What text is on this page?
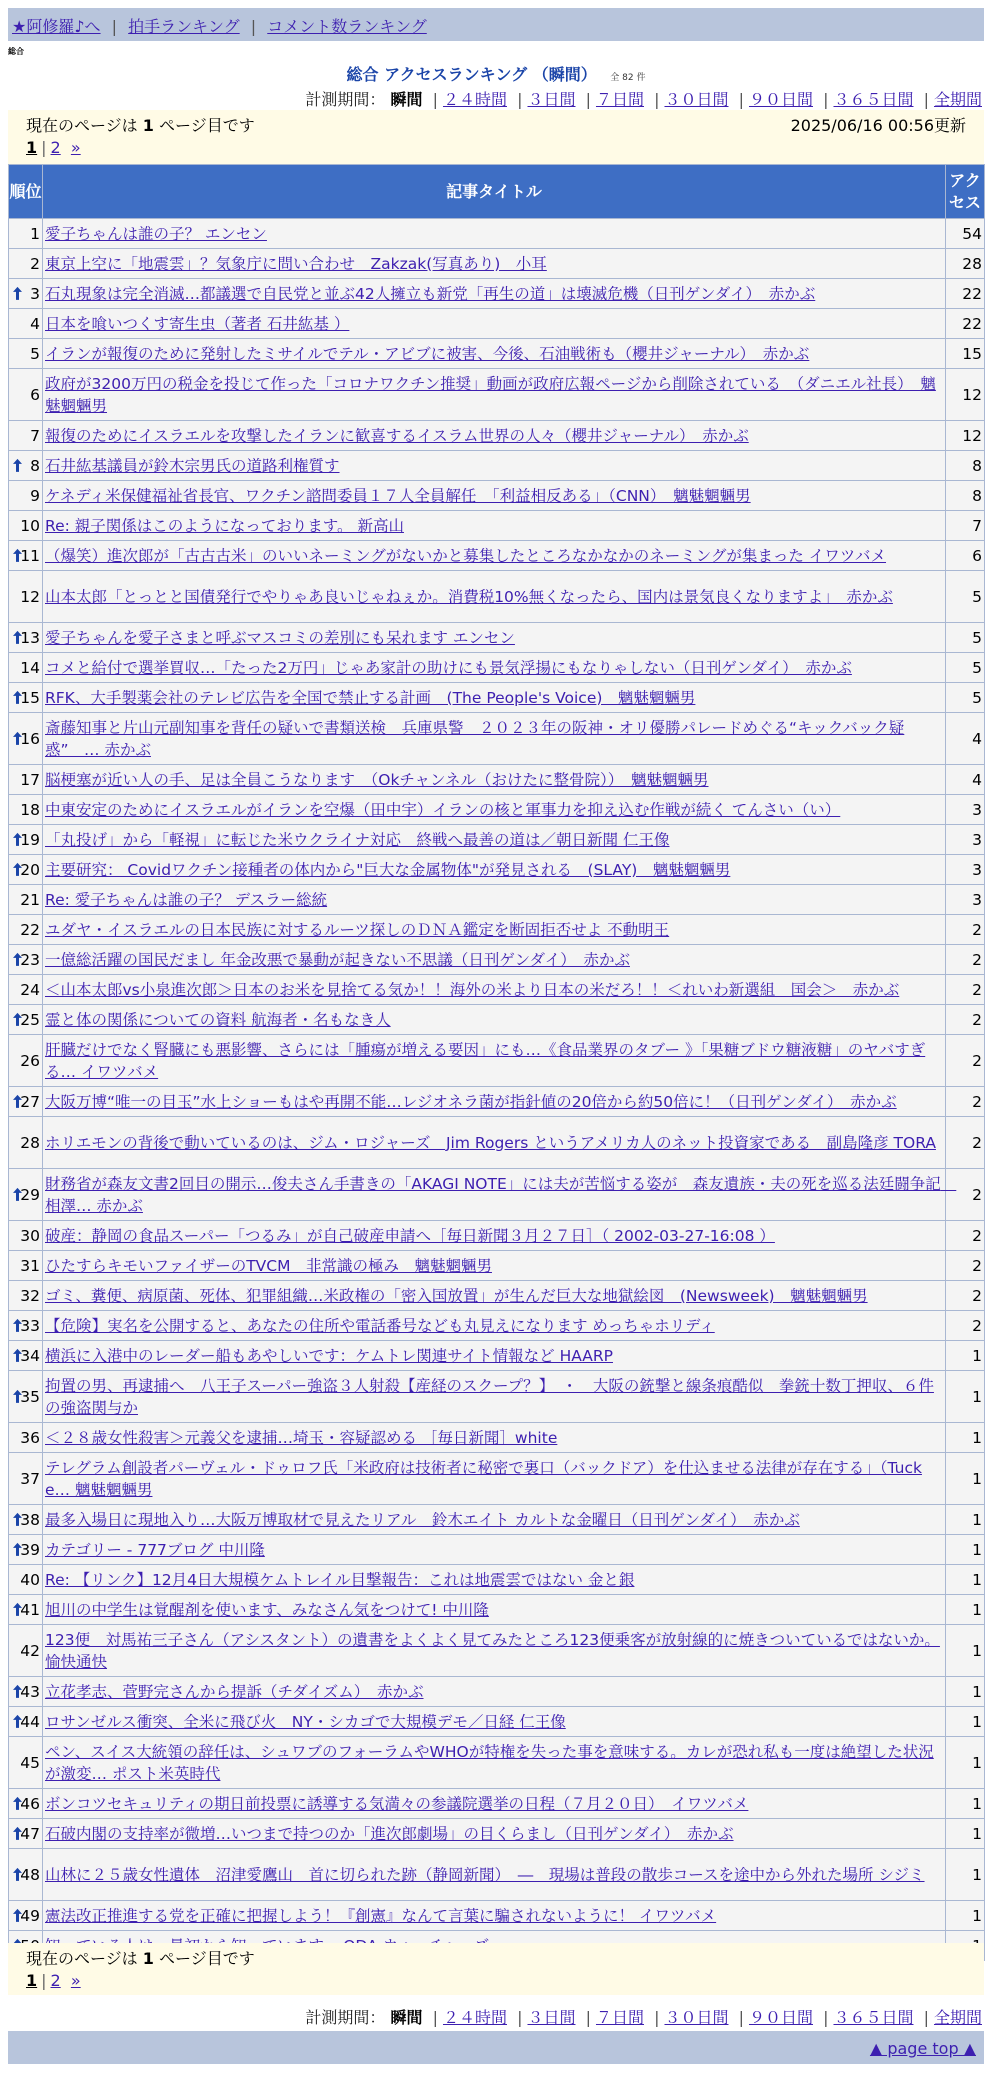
★阿修羅♪へ | 拍手ランキング | コメント数ランキング
総合
総合 アクセスランキング （瞬間） 全 82 件
計測期間： 瞬間 | ２４時間 | ３日間 | ７日間 | ３０日間 | ９０日間 | ３６５日間 | 全期間
現在のページは 1 ページ目です	2025/06/16 00:56更新
1 | 2 »
順位	記事タイトル	アクセス
1	愛子ちゃんは誰の子？ エンセン	54
2	東京上空に「地震雲」？気象庁に問い合わせ　Zakzak(写真あり)　小耳	28

3	石丸現象は完全消滅…都議選で自民党と並ぶ42人擁立も新党「再生の道」は壊滅危機（日刊ゲンダイ）　赤かぶ	22
4	日本を喰いつくす寄生虫（著者 石井紘基 ）	22
5	イランが報復のために発射したミサイルでテル・アビブに被害、今後、石油戦術も（櫻井ジャーナル）　赤かぶ	15
6	政府が3200万円の税金を投じて作った「コロナワクチン推奨」動画が政府広報ページから削除されている　（ダニエル社長）　魑魅魍魎男	12
7	報復のためにイスラエルを攻撃したイランに歓喜するイスラム世界の人々（櫻井ジャーナル）　赤かぶ	12

8	石井紘基議員が鈴木宗男氏の道路利権質す	8
9	ケネディ米保健福祉省長官、ワクチン諮問委員１７人全員解任　「利益相反ある」（CNN）　魑魅魍魎男	8
10	Re: 親子関係はこのようになっております。 新高山	7

11	（爆笑）進次郎が「古古古米」のいいネーミングがないかと募集したところなかなかのネーミングが集まった イワツバメ	6
12	山本太郎「とっとと国債発行でやりゃあ良いじゃねぇか。消費税10%無くなったら、国内は景気良くなりますよ」　赤かぶ	5

13	愛子ちゃんを愛子さまと呼ぶマスコミの差別にも呆れます エンセン	5
14	コメと給付で選挙買収…「たった2万円」じゃあ家計の助けにも景気浮揚にもなりゃしない（日刊ゲンダイ）　赤かぶ	5

15	RFK、大手製薬会社のテレビ広告を全国で禁止する計画　(The People's Voice)　魑魅魍魎男	5

16	斎藤知事と片山元副知事を背任の疑いで書類送検　兵庫県警　２０２３年の阪神・オリ優勝パレードめぐる“キックバック疑惑”　… 赤かぶ	4
17	脳梗塞が近い人の手、足は全員こうなります　（Okチャンネル（おけたに整骨院））　魑魅魍魎男	4
18	中東安定のためにイスラエルがイランを空爆（田中宇）イランの核と軍事力を抑え込む作戦が続く てんさい（い）	3

19	「丸投げ」から「軽視」に転じた米ウクライナ対応　終戦へ最善の道は／朝日新聞 仁王像	3

20	主要研究： Covidワクチン接種者の体内から"巨大な金属物体"が発見される　(SLAY)　魑魅魍魎男	3
21	Re: 愛子ちゃんは誰の子？ デスラー総統	3
22	ユダヤ・イスラエルの日本民族に対するルーツ探しのＤＮＡ鑑定を断固拒否せよ 不動明王	2

23	一億総活躍の国民だまし 年金改悪で暴動が起きない不思議（日刊ゲンダイ）　赤かぶ	2
24	＜山本太郎vs小泉進次郎＞日本のお米を見捨てる気か！！海外の米より日本の米だろ！！＜れいわ新選組　国会＞　赤かぶ	2

25	霊と体の関係についての資料 航海者・名もなき人	2
26	肝臓だけでなく腎臓にも悪影響、さらには「腫瘍が増える要因」にも…《食品業界のタブー 》「果糖ブドウ糖液糖」のヤバすぎる… イワツバメ	2

27	大阪万博“唯一の目玉”水上ショーもはや再開不能…レジオネラ菌が指針値の20倍から約50倍に！（日刊ゲンダイ）　赤かぶ	2
28	ホリエモンの背後で動いているのは、ジム・ロジャーズ　Jim Rogers というアメリカ人のネット投資家である　副島隆彦 TORA	2

29	財務省が森友文書2回目の開示…俊夫さん手書きの「AKAGI NOTE」には夫が苦悩する姿が　森友遺族・夫の死を巡る法廷闘争記　相澤… 赤かぶ	2
30	破産：静岡の食品スーパー「つるみ」が自己破産申請へ［毎日新聞３月２７日］（ 2002-03-27-16:08 ）	2
31	ひたすらキモいファイザーのTVCM　非常識の極み　魑魅魍魎男	2
32	ゴミ、糞便、病原菌、死体、犯罪組織…米政権の「密入国放置」が生んだ巨大な地獄絵図　(Newsweek)　魑魅魍魎男	2

33	【危険】実名を公開すると、あなたの住所や電話番号なども丸見えになります めっちゃホリディ	2

34	横浜に入港中のレーダー船もあやしいです：ケムトレ関連サイト情報など HAARP	1

35	拘置の男、再逮捕へ　八王子スーパー強盗３人射殺【産経のスクープ？】　・　大阪の銃撃と線条痕酷似　拳銃十数丁押収、６件の強盗関与か	1
36	＜２８歳女性殺害＞元義父を逮捕…埼玉・容疑認める ［毎日新聞］white	1
37	テレグラム創設者パーヴェル・ドゥロフ氏「米政府は技術者に秘密で裏口（バックドア）を仕込ませる法律が存在する」（Tucke… 魑魅魍魎男	1

38	最多入場日に現地入り…大阪万博取材で見えたリアル　鈴木エイト カルトな金曜日（日刊ゲンダイ）　赤かぶ	1

39	カテゴリー - 777ブログ 中川隆	1
40	Re: 【リンク】12月4日大規模ケムトレイル目撃報告：これは地震雲ではない 金と銀	1

41	旭川の中学生は覚醒剤を使います、みなさん気をつけて! 中川隆	1
42	123便　対馬祐三子さん（アシスタント）の遺書をよくよく見てみたところ123便乗客が放射線的に焼きついているではないか。 愉快通快	1

43	立花孝志、菅野完さんから提訴（チダイズム）　赤かぶ	1

44	ロサンゼルス衝突、全米に飛び火　NY・シカゴで大規模デモ／日経 仁王像	1
45	ペン、スイス大統領の辞任は、シュワブのフォーラムやWHOが特権を失った事を意味する。カレが恐れ私も一度は絶望した状況が激変… ポスト米英時代	1

46	ボンコツセキュリティの期日前投票に誘導する気満々の参議院選挙の日程（７月２０日）　イワツバメ	1

47	石破内閣の支持率が微増…いつまで持つのか「進次郎劇場」の目くらまし（日刊ゲンダイ）　赤かぶ	1

48	山林に２５歳女性遺体　沼津愛鷹山　首に切られた跡（静岡新聞）　―　現場は普段の散歩コースを途中から外れた場所 シジミ	1

49	憲法改正推進する党を正確に把握しよう！『創憲』なんて言葉に騙されないように！ イワツバメ	1

現在のページは 1 ページ目です
1 | 2 »
計測期間： 瞬間 | ２４時間 | ３日間 | ７日間 | ３０日間 | ９０日間 | ３６５日間 | 全期間
▲ page top ▲
